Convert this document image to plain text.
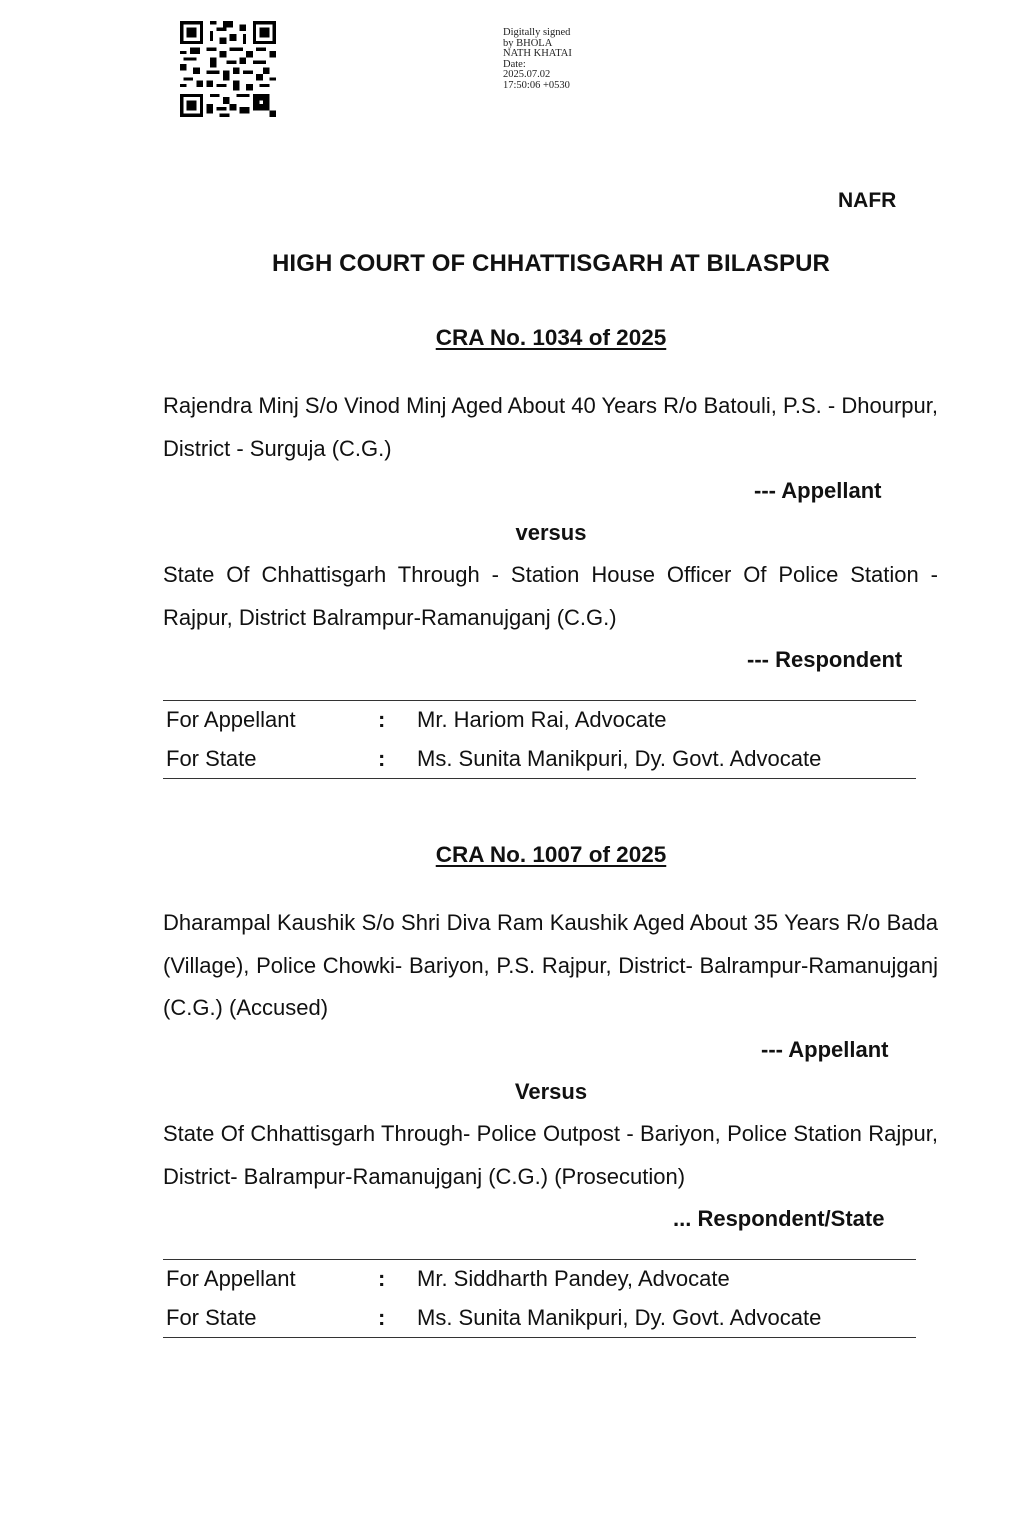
Digitally signed
by BHOLA
NATH KHATAI
Date:
2025.07.02
17:50:06 +0530
NAFR
HIGH COURT OF CHHATTISGARH AT BILASPUR
CRA No. 1034 of 2025
Rajendra Minj S/o Vinod Minj Aged About 40 Years R/o Batouli, P.S. - Dhourpur, District - Surguja (C.G.)
--- Appellant
versus
State Of Chhattisgarh Through - Station House Officer Of Police Station - Rajpur, District Balrampur-Ramanujganj (C.G.)
--- Respondent
For Appellant	: Mr. Hariom Rai, Advocate
For State	: Ms. Sunita Manikpuri, Dy. Govt. Advocate
CRA No. 1007 of 2025
Dharampal Kaushik S/o Shri Diva Ram Kaushik Aged About 35 Years R/o Bada (Village), Police Chowki- Bariyon, P.S. Rajpur, District- Balrampur-Ramanujganj (C.G.) (Accused)
--- Appellant
Versus
State Of Chhattisgarh Through- Police Outpost - Bariyon, Police Station Rajpur, District- Balrampur-Ramanujganj (C.G.) (Prosecution)
... Respondent/State
For Appellant	: Mr. Siddharth Pandey, Advocate
For State	: Ms. Sunita Manikpuri, Dy. Govt. Advocate
